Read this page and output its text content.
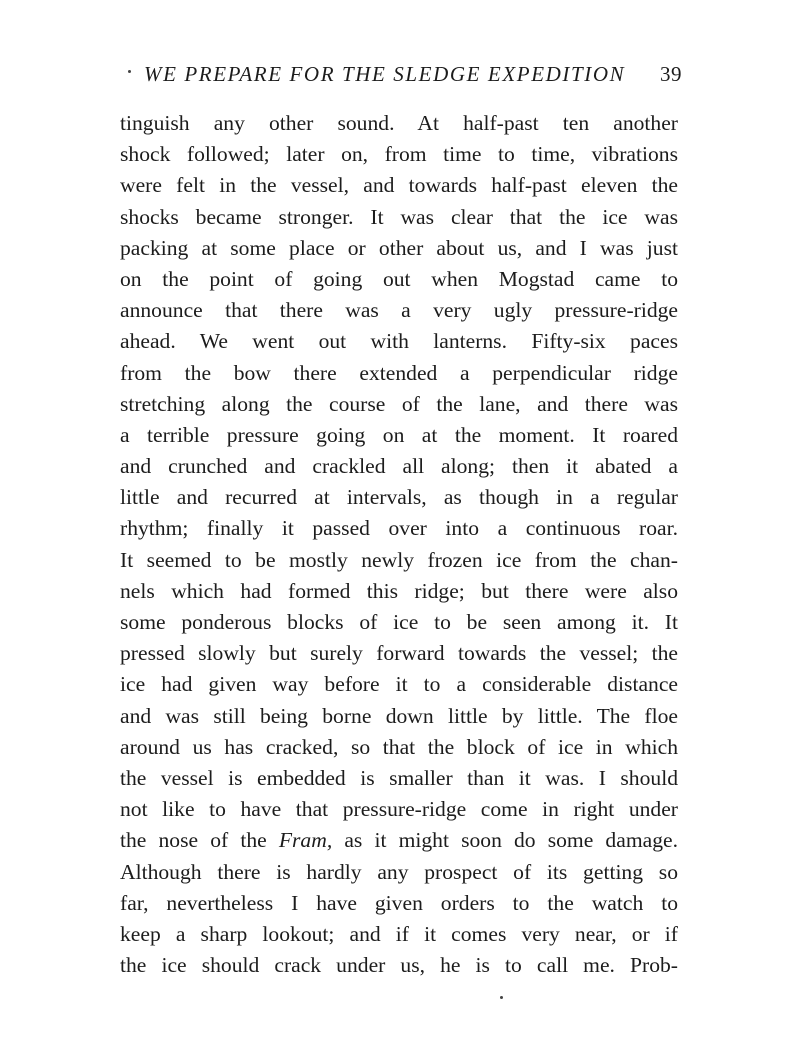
WE PREPARE FOR THE SLEDGE EXPEDITION 39
tinguish any other sound. At half-past ten another
shock followed; later on, from time to time, vibrations
were felt in the vessel, and towards half-past eleven the
shocks became stronger. It was clear that the ice was
packing at some place or other about us, and I was just
on the point of going out when Mogstad came to
announce that there was a very ugly pressure-ridge
ahead. We went out with lanterns. Fifty-six paces
from the bow there extended a perpendicular ridge
stretching along the course of the lane, and there was
a terrible pressure going on at the moment. It roared
and crunched and crackled all along; then it abated a
little and recurred at intervals, as though in a regular
rhythm; finally it passed over into a continuous roar.
It seemed to be mostly newly frozen ice from the chan-
nels which had formed this ridge; but there were also
some ponderous blocks of ice to be seen among it. It
pressed slowly but surely forward towards the vessel; the
ice had given way before it to a considerable distance
and was still being borne down little by little. The floe
around us has cracked, so that the block of ice in which
the vessel is embedded is smaller than it was. I should
not like to have that pressure-ridge come in right under
the nose of the Fram, as it might soon do some damage.
Although there is hardly any prospect of its getting so
far, nevertheless I have given orders to the watch to
keep a sharp lookout; and if it comes very near, or if
the ice should crack under us, he is to call me. Prob-
